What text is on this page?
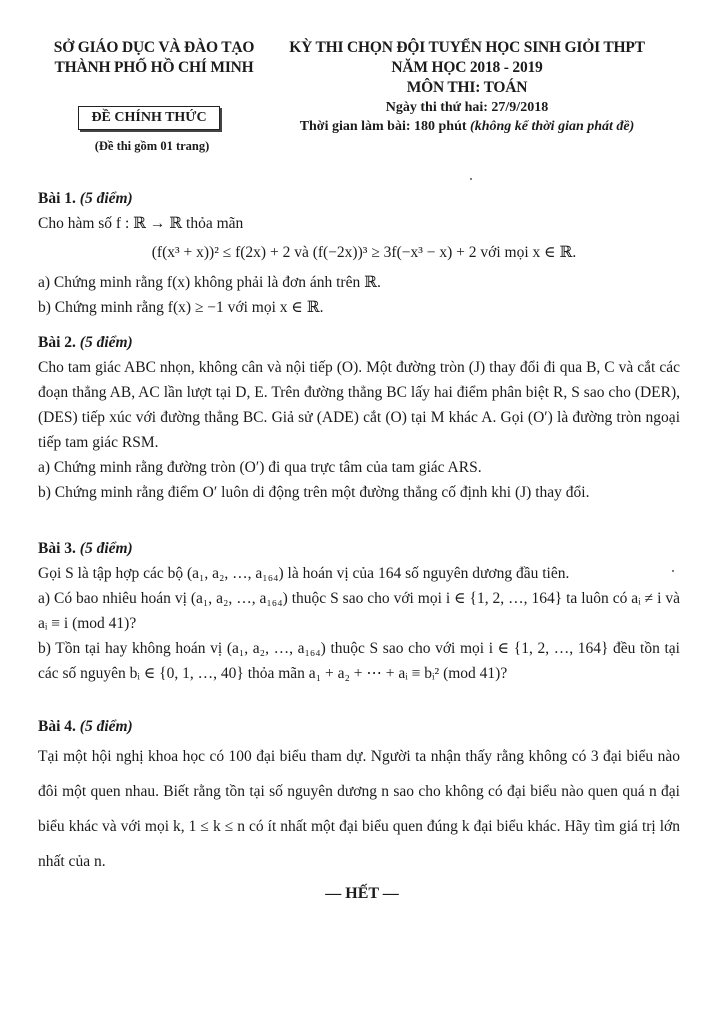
SỞ GIÁO DỤC VÀ ĐÀO TẠO
THÀNH PHỐ HỒ CHÍ MINH
ĐỀ CHÍNH THỨC
(Đề thi gồm 01 trang)
KỲ THI CHỌN ĐỘI TUYỂN HỌC SINH GIỎI THPT
NĂM HỌC 2018 - 2019
MÔN THI: TOÁN
Ngày thi thứ hai: 27/9/2018
Thời gian làm bài: 180 phút (không kể thời gian phát đề)
Bài 1. (5 điểm)
Cho hàm số f : ℝ → ℝ thỏa mãn
(f(x³ + x))² ≤ f(2x) + 2 và (f(−2x))³ ≥ 3f(−x³ − x) + 2 với mọi x ∈ ℝ.
a) Chứng minh rằng f(x) không phải là đơn ánh trên ℝ.
b) Chứng minh rằng f(x) ≥ −1 với mọi x ∈ ℝ.
Bài 2. (5 điểm)
Cho tam giác ABC nhọn, không cân và nội tiếp (O). Một đường tròn (J) thay đổi đi qua B, C và cắt các đoạn thẳng AB, AC lần lượt tại D, E. Trên đường thẳng BC lấy hai điểm phân biệt R, S sao cho (DER), (DES) tiếp xúc với đường thẳng BC. Giả sử (ADE) cắt (O) tại M khác A. Gọi (O′) là đường tròn ngoại tiếp tam giác RSM.
a) Chứng minh rằng đường tròn (O′) đi qua trực tâm của tam giác ARS.
b) Chứng minh rằng điểm O′ luôn di động trên một đường thẳng cố định khi (J) thay đổi.
Bài 3. (5 điểm)
Gọi S là tập hợp các bộ (a₁, a₂, …, a₁₆₄) là hoán vị của 164 số nguyên dương đầu tiên.
a) Có bao nhiêu hoán vị (a₁, a₂, …, a₁₆₄) thuộc S sao cho với mọi i ∈ {1, 2, …, 164} ta luôn có aᵢ ≠ i và aᵢ ≡ i (mod 41)?
b) Tồn tại hay không hoán vị (a₁, a₂, …, a₁₆₄) thuộc S sao cho với mọi i ∈ {1, 2, …, 164} đều tồn tại các số nguyên bᵢ ∈ {0, 1, …, 40} thỏa mãn a₁ + a₂ + ⋯ + aᵢ ≡ bᵢ² (mod 41)?
Bài 4. (5 điểm)
Tại một hội nghị khoa học có 100 đại biểu tham dự. Người ta nhận thấy rằng không có 3 đại biểu nào đôi một quen nhau. Biết rằng tồn tại số nguyên dương n sao cho không có đại biểu nào quen quá n đại biểu khác và với mọi k, 1 ≤ k ≤ n có ít nhất một đại biểu quen đúng k đại biểu khác. Hãy tìm giá trị lớn nhất của n.
— HẾT —
